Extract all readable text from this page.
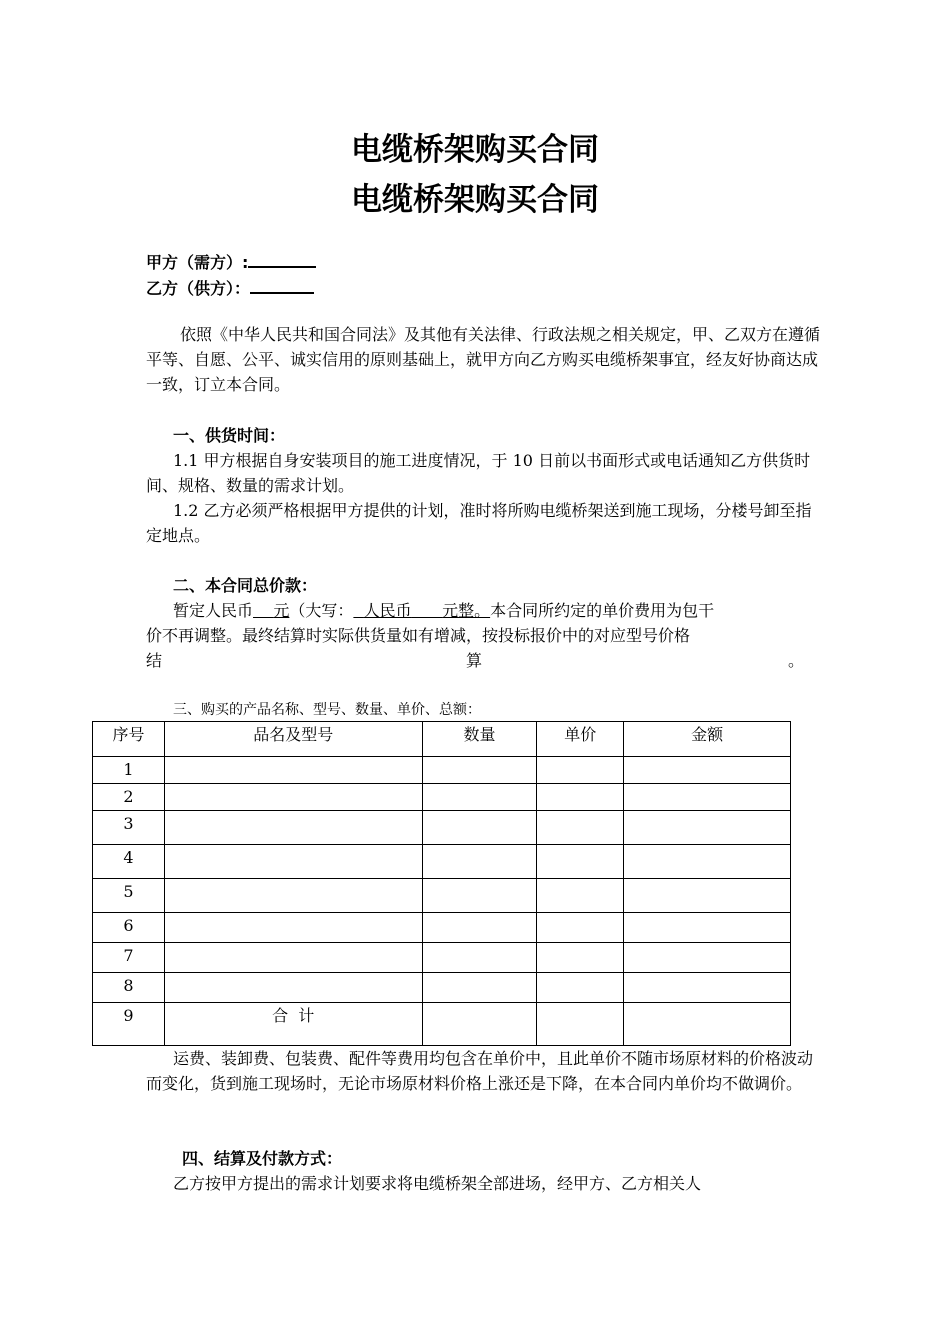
电缆桥架购买合同
电缆桥架购买合同
甲方（需方）:
乙方（供方）：
依照《中华人民共和国合同法》及其他有关法律、行政法规之相关规定，甲、乙双方在遵循平等、自愿、公平、诚实信用的原则基础上，就甲方向乙方购买电缆桥架事宜，经友好协商达成一致，订立本合同。
一、供货时间：
1.1 甲方根据自身安装项目的施工进度情况，于 10 日前以书面形式或电话通知乙方供货时间、规格、数量的需求计划。
1.2 乙方必须严格根据甲方提供的计划，准时将所购电缆桥架送到施工现场，分楼号卸至指定地点。
二、本合同总价款：
暂定人民币 元（大写： 人民币 元整。本合同所约定的单价费用为包干
价不再调整。最终结算时实际供货量如有增减，按投标报价中的对应型号价格
结	算	。
三、购买的产品名称、型号、数量、单价、总额：
序号	品名及型号	数量	单价	金额
1				
2				
3				
4				
5				
6				
7				
8				
9	合  计			
运费、装卸费、包装费、配件等费用均包含在单价中，且此单价不随市场原材料的价格波动而变化，货到施工现场时，无论市场原材料价格上涨还是下降，在本合同内单价均不做调价。
四、结算及付款方式：
乙方按甲方提出的需求计划要求将电缆桥架全部进场，经甲方、乙方相关人
